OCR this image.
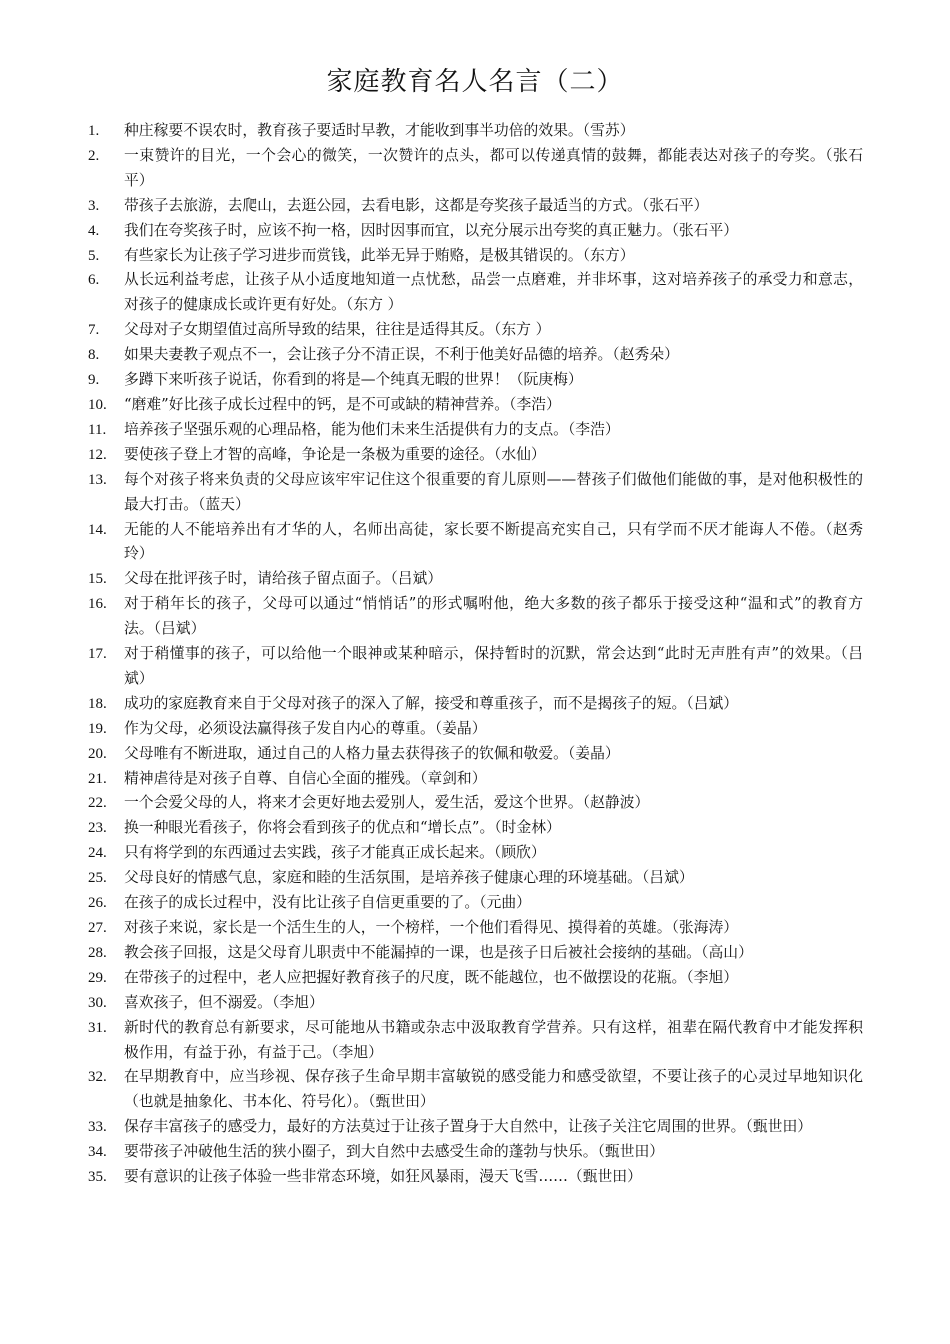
家庭教育名人名言（二）
1.	种庄稼要不误农时，教育孩子要适时早教，才能收到事半功倍的效果。（雪苏）
2.	一束赞许的目光，一个会心的微笑，一次赞许的点头，都可以传递真情的鼓舞，都能表达对孩子的夸奖。（张石平）
3.	带孩子去旅游，去爬山，去逛公园，去看电影，这都是夸奖孩子最适当的方式。（张石平）
4.	我们在夸奖孩子时，应该不拘一格，因时因事而宜，以充分展示出夸奖的真正魅力。（张石平）
5.	有些家长为让孩子学习进步而赏钱，此举无异于贿赂，是极其错误的。（东方）
6.	从长远利益考虑，让孩子从小适度地知道一点忧愁，品尝一点磨难，并非坏事，这对培养孩子的承受力和意志，对孩子的健康成长或许更有好处。（东方 ）
7.	父母对子女期望值过高所导致的结果，往往是适得其反。（东方 ）
8.	如果夫妻教子观点不一，会让孩子分不清正误，不利于他美好品德的培养。（赵秀朵）
9.	多蹲下来听孩子说话，你看到的将是—个纯真无暇的世界！（阮庚梅）
10.	“磨难”好比孩子成长过程中的钙，是不可或缺的精神营养。（李浩）
11.	培养孩子坚强乐观的心理品格，能为他们未来生活提供有力的支点。（李浩）
12.	要使孩子登上才智的高峰，争论是一条极为重要的途径。（水仙）
13.	每个对孩子将来负责的父母应该牢牢记住这个很重要的育儿原则——替孩子们做他们能做的事，是对他积极性的最大打击。（蓝天）
14.	无能的人不能培养出有才华的人，名师出高徒，家长要不断提高充实自己，只有学而不厌才能诲人不倦。（赵秀玲）
15.	父母在批评孩子时，请给孩子留点面子。（吕斌）
16.	对于稍年长的孩子，父母可以通过“悄悄话”的形式嘱咐他，绝大多数的孩子都乐于接受这种“温和式”的教育方法。（吕斌）
17.	对于稍懂事的孩子，可以给他一个眼神或某种暗示，保持暂时的沉默，常会达到“此时无声胜有声”的效果。（吕斌）
18.	成功的家庭教育来自于父母对孩子的深入了解，接受和尊重孩子，而不是揭孩子的短。（吕斌）
19.	作为父母，必须设法赢得孩子发自内心的尊重。（姜晶）
20.	父母唯有不断进取，通过自己的人格力量去获得孩子的钦佩和敬爱。（姜晶）
21.	精神虐待是对孩子自尊、自信心全面的摧残。（章剑和）
22.	一个会爱父母的人，将来才会更好地去爱别人，爱生活，爱这个世界。（赵静波）
23.	换一种眼光看孩子，你将会看到孩子的优点和“增长点”。（时金林）
24.	只有将学到的东西通过去实践，孩子才能真正成长起来。（顾欣）
25.	父母良好的情感气息，家庭和睦的生活氛围，是培养孩子健康心理的环境基础。（吕斌）
26.	在孩子的成长过程中，没有比让孩子自信更重要的了。（元曲）
27.	对孩子来说，家长是一个活生生的人，一个榜样，一个他们看得见、摸得着的英雄。（张海涛）
28.	教会孩子回报，这是父母育儿职责中不能漏掉的一课，也是孩子日后被社会接纳的基础。（高山）
29.	在带孩子的过程中，老人应把握好教育孩子的尺度，既不能越位，也不做摆设的花瓶。（李旭）
30.	喜欢孩子，但不溺爱。（李旭）
31.	新时代的教育总有新要求，尽可能地从书籍或杂志中汲取教育学营养。只有这样，祖辈在隔代教育中才能发挥积极作用，有益于孙，有益于己。（李旭）
32.	在早期教育中，应当珍视、保存孩子生命早期丰富敏锐的感受能力和感受欲望，不要让孩子的心灵过早地知识化（也就是抽象化、书本化、符号化）。（甄世田）
33.	保存丰富孩子的感受力，最好的方法莫过于让孩子置身于大自然中，让孩子关注它周围的世界。（甄世田）
34.	要带孩子冲破他生活的狭小圈子，到大自然中去感受生命的蓬勃与快乐。（甄世田）
35.	要有意识的让孩子体验一些非常态环境，如狂风暴雨，漫天飞雪……（甄世田）
